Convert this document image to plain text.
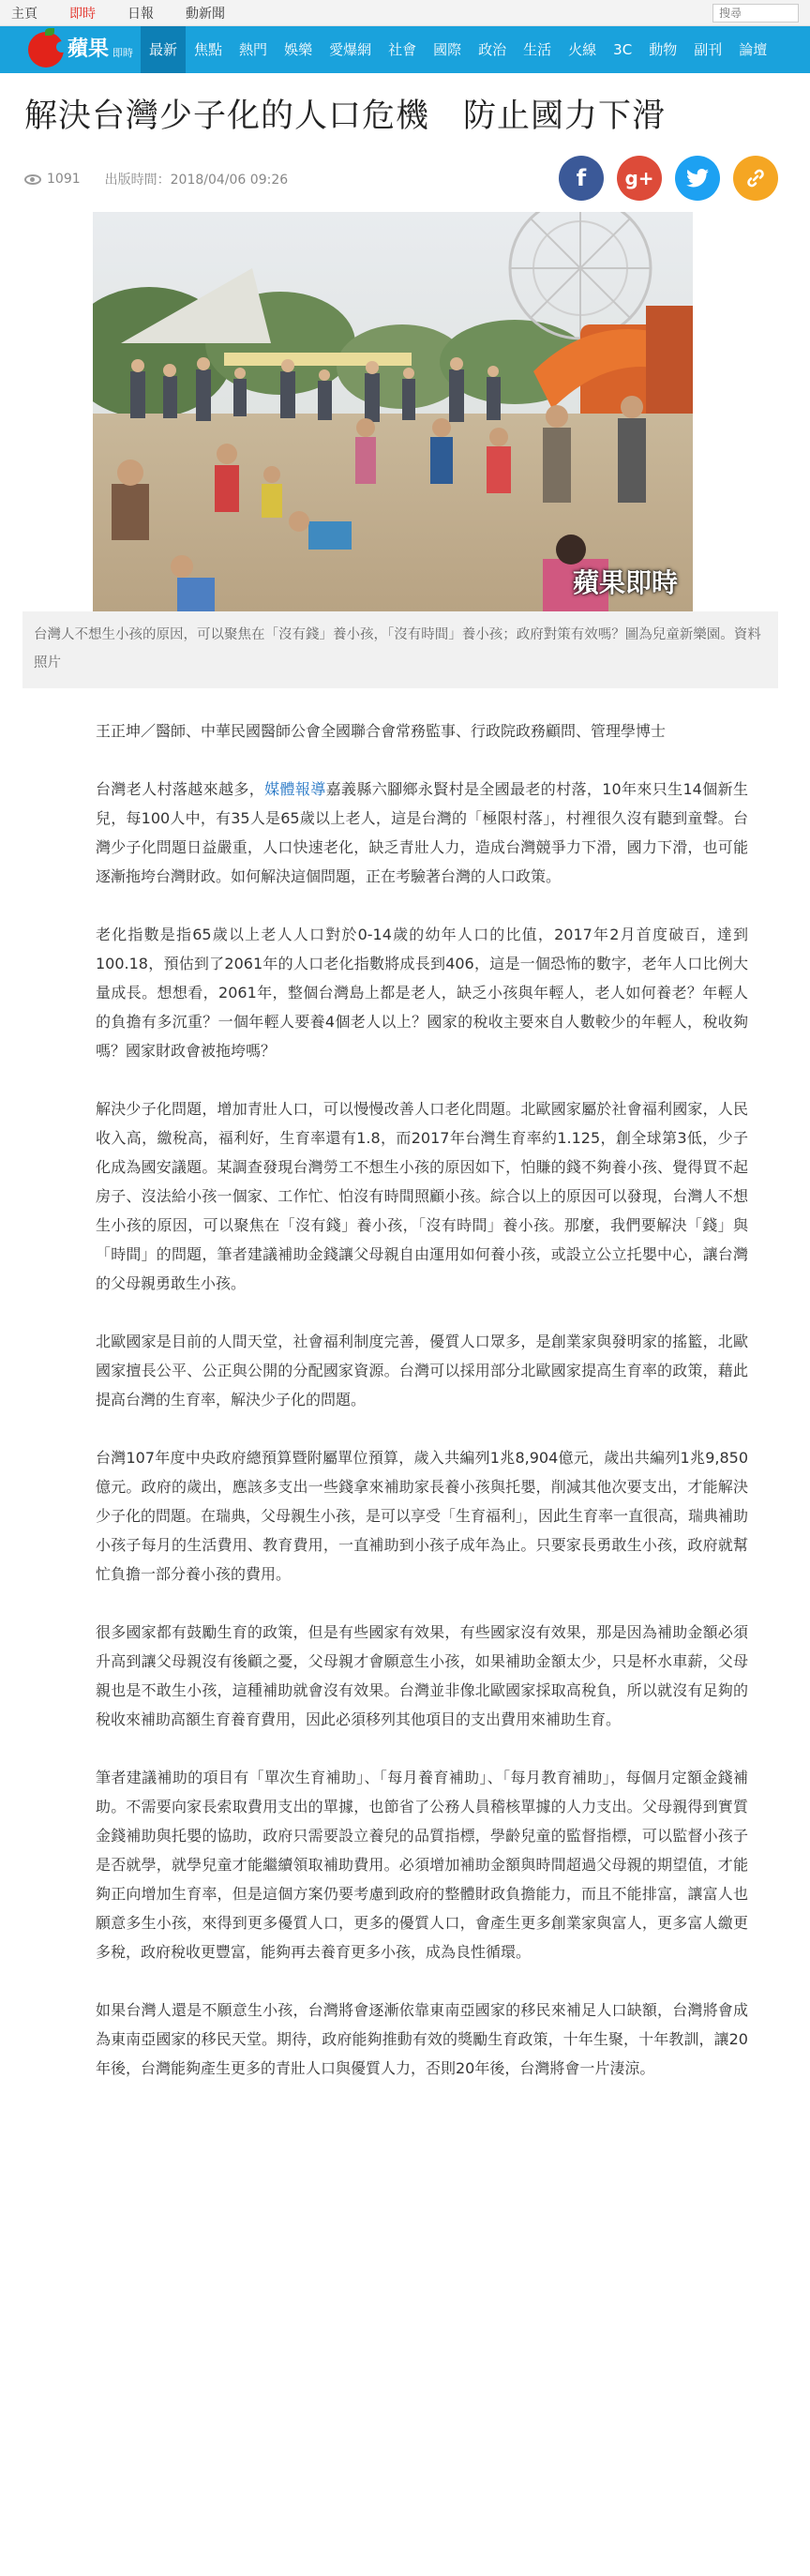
主頁 即時 日報 動新聞
搜尋
蘋果 即時	最新	焦點	熱門	娛樂	愛爆網	社會	國際	政治	生活	火線	3C	動物	副刊	論壇
解決台灣少子化的人口危機　防止國力下滑
1091 出版時間：2018/04/06 09:26	f g+
蘋果即時
台灣人不想生小孩的原因，可以聚焦在「沒有錢」養小孩，「沒有時間」養小孩；政府對策有效嗎？圖為兒童新樂園。資料照片

王正坤／醫師、中華民國醫師公會全國聯合會常務監事、行政院政務顧問、管理學博士

台灣老人村落越來越多，媒體報導嘉義縣六腳鄉永賢村是全國最老的村落，10年來只生14個新生兒，每100人中，有35人是65歲以上老人，這是台灣的「極限村落」，村裡很久沒有聽到童聲。台灣少子化問題日益嚴重，人口快速老化，缺乏青壯人力，造成台灣競爭力下滑，國力下滑，也可能逐漸拖垮台灣財政。如何解決這個問題，正在考驗著台灣的人口政策。

老化指數是指65歲以上老人人口對於0-14歲的幼年人口的比值，2017年2月首度破百，達到100.18，預估到了2061年的人口老化指數將成長到406，這是一個恐怖的數字，老年人口比例大量成長。想想看，2061年，整個台灣島上都是老人，缺乏小孩與年輕人，老人如何養老？年輕人的負擔有多沉重？一個年輕人要養4個老人以上？國家的稅收主要來自人數較少的年輕人，稅收夠嗎？國家財政會被拖垮嗎？

解決少子化問題，增加青壯人口，可以慢慢改善人口老化問題。北歐國家屬於社會福利國家，人民收入高，繳稅高，福利好，生育率還有1.8，而2017年台灣生育率約1.125，創全球第3低，少子化成為國安議題。某調查發現台灣勞工不想生小孩的原因如下，怕賺的錢不夠養小孩、覺得買不起房子、沒法給小孩一個家、工作忙、怕沒有時間照顧小孩。綜合以上的原因可以發現，台灣人不想生小孩的原因，可以聚焦在「沒有錢」養小孩，「沒有時間」養小孩。那麼，我們要解決「錢」與「時間」的問題，筆者建議補助金錢讓父母親自由運用如何養小孩，或設立公立托嬰中心，讓台灣的父母親勇敢生小孩。

北歐國家是目前的人間天堂，社會福利制度完善，優質人口眾多，是創業家與發明家的搖籃，北歐國家擅長公平、公正與公開的分配國家資源。台灣可以採用部分北歐國家提高生育率的政策，藉此提高台灣的生育率，解決少子化的問題。

台灣107年度中央政府總預算暨附屬單位預算，歲入共編列1兆8,904億元，歲出共編列1兆9,850億元。政府的歲出，應該多支出一些錢拿來補助家長養小孩與托嬰，削減其他次要支出，才能解決少子化的問題。在瑞典，父母親生小孩，是可以享受「生育福利」，因此生育率一直很高，瑞典補助小孩子每月的生活費用、教育費用，一直補助到小孩子成年為止。只要家長勇敢生小孩，政府就幫忙負擔一部分養小孩的費用。

很多國家都有鼓勵生育的政策，但是有些國家有效果，有些國家沒有效果，那是因為補助金額必須升高到讓父母親沒有後顧之憂，父母親才會願意生小孩，如果補助金額太少，只是杯水車薪，父母親也是不敢生小孩，這種補助就會沒有效果。台灣並非像北歐國家採取高稅負，所以就沒有足夠的稅收來補助高額生育養育費用，因此必須移列其他項目的支出費用來補助生育。

筆者建議補助的項目有「單次生育補助」、「每月養育補助」、「每月教育補助」，每個月定額金錢補助。不需要向家長索取費用支出的單據，也節省了公務人員稽核單據的人力支出。父母親得到實質金錢補助與托嬰的協助，政府只需要設立養兒的品質指標，學齡兒童的監督指標，可以監督小孩子是否就學，就學兒童才能繼續領取補助費用。必須增加補助金額與時間超過父母親的期望值，才能夠正向增加生育率，但是這個方案仍要考慮到政府的整體財政負擔能力，而且不能排富，讓富人也願意多生小孩，來得到更多優質人口，更多的優質人口，會產生更多創業家與富人，更多富人繳更多稅，政府稅收更豐富，能夠再去養育更多小孩，成為良性循環。

如果台灣人還是不願意生小孩，台灣將會逐漸依靠東南亞國家的移民來補足人口缺額，台灣將會成為東南亞國家的移民天堂。期待，政府能夠推動有效的獎勵生育政策，十年生聚，十年教訓，讓20年後，台灣能夠產生更多的青壯人口與優質人力，否則20年後，台灣將會一片淒涼。
